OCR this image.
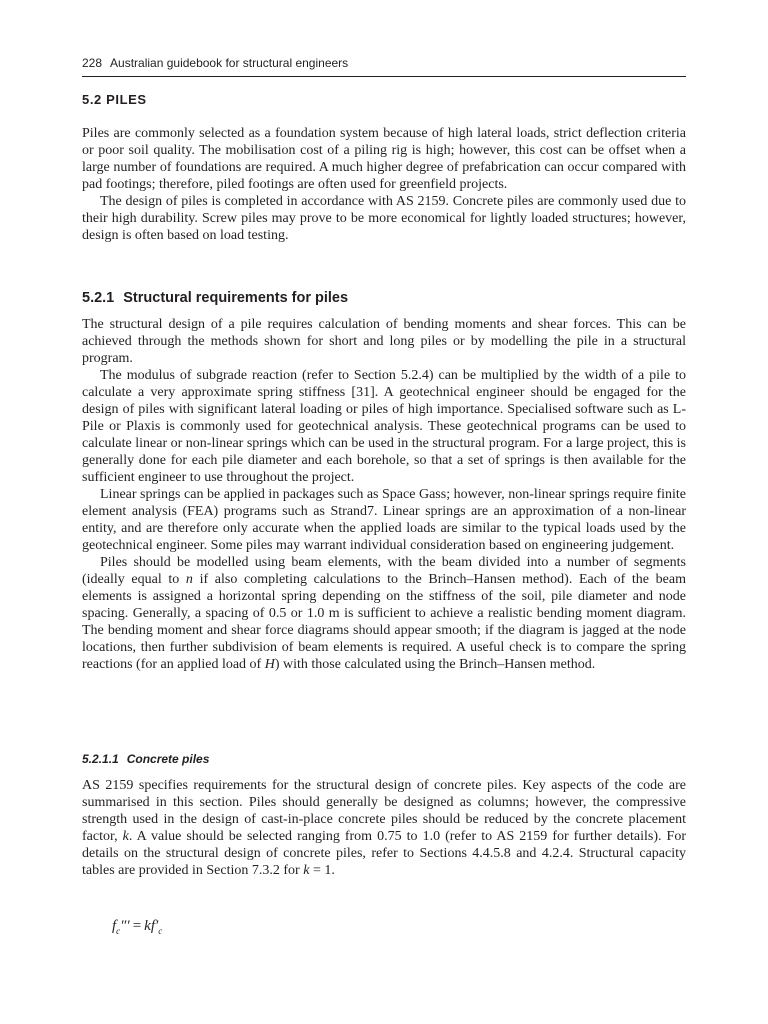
228 Australian guidebook for structural engineers
5.2 PILES

Piles are commonly selected as a foundation system because of high lateral loads, strict deflection criteria or poor soil quality. The mobilisation cost of a piling rig is high; however, this cost can be offset when a large number of foundations are required. A much higher degree of prefabrication can occur compared with pad footings; therefore, piled footings are often used for greenfield projects.

The design of piles is completed in accordance with AS 2159. Concrete piles are commonly used due to their high durability. Screw piles may prove to be more economical for lightly loaded structures; however, design is often based on load testing.

5.2.1 Structural requirements for piles

The structural design of a pile requires calculation of bending moments and shear forces. This can be achieved through the methods shown for short and long piles or by modelling the pile in a structural program.

The modulus of subgrade reaction (refer to Section 5.2.4) can be multiplied by the width of a pile to calculate a very approximate spring stiffness [31]. A geotechnical engineer should be engaged for the design of piles with significant lateral loading or piles of high importance. Specialised software such as L-Pile or Plaxis is commonly used for geotechnical analysis. These geotechnical programs can be used to calculate linear or non-linear springs which can be used in the structural program. For a large project, this is generally done for each pile diameter and each borehole, so that a set of springs is then available for the sufficient engineer to use throughout the project.

Linear springs can be applied in packages such as Space Gass; however, non-linear springs require finite element analysis (FEA) programs such as Strand7. Linear springs are an approximation of a non-linear entity, and are therefore only accurate when the applied loads are similar to the typical loads used by the geotechnical engineer. Some piles may warrant individual consideration based on engineering judgement.

Piles should be modelled using beam elements, with the beam divided into a number of segments (ideally equal to n if also completing calculations to the Brinch–Hansen method). Each of the beam elements is assigned a horizontal spring depending on the stiffness of the soil, pile diameter and node spacing. Generally, a spacing of 0.5 or 1.0 m is sufficient to achieve a realistic bending moment diagram. The bending moment and shear force diagrams should appear smooth; if the diagram is jagged at the node locations, then further subdivision of beam elements is required. A useful check is to compare the spring reactions (for an applied load of H) with those calculated using the Brinch–Hansen method.

5.2.1.1 Concrete piles

AS 2159 specifies requirements for the structural design of concrete piles. Key aspects of the code are summarised in this section. Piles should generally be designed as columns; however, the compressive strength used in the design of cast-in-place concrete piles should be reduced by the concrete placement factor, k. A value should be selected ranging from 0.75 to 1.0 (refer to AS 2159 for further details). For details on the structural design of concrete piles, refer to Sections 4.4.5.8 and 4.2.4. Structural capacity tables are provided in Section 7.3.2 for k = 1.

$f_c''' = kf'_c$
